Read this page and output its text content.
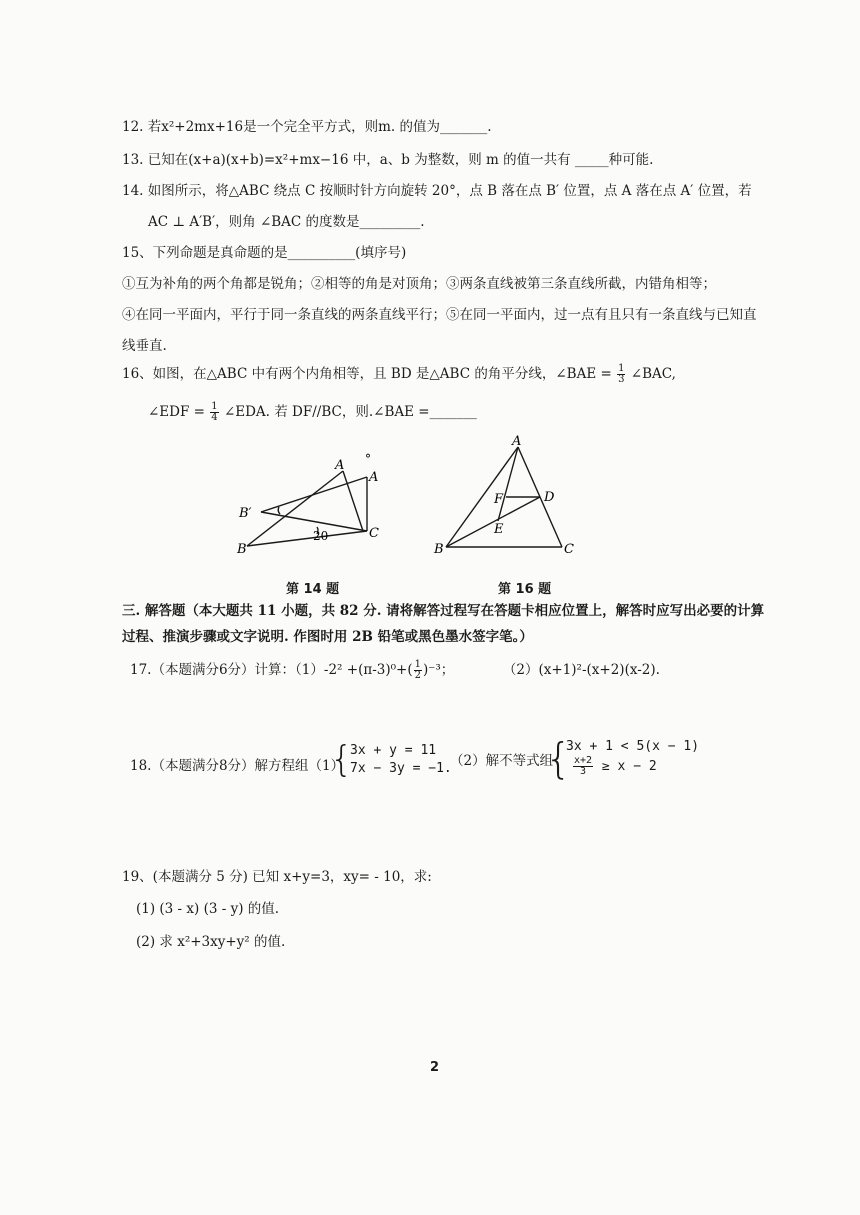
12. 若x²+2mx+16是一个完全平方式，则m. 的值为_______.
13. 已知在(x+a)(x+b)=x²+mx−16 中，a、b 为整数，则 m 的值一共有 _____种可能.
14. 如图所示，将△ABC 绕点 C 按顺时针方向旋转 20°，点 B 落在点 B′ 位置，点 A 落在点 A′ 位置，若
AC ⊥ A′B′，则角 ∠BAC 的度数是_________.
15、下列命题是真命题的是__________(填序号)
①互为补角的两个角都是锐角；②相等的角是对顶角；③两条直线被第三条直线所截，内错角相等；
④在同一平面内，平行于同一条直线的两条直线平行；⑤在同一平面内，过一点有且只有一条直线与已知直
线垂直.
16、如图，在△ABC 中有两个内角相等，且 BD 是△ABC 的角平分线，∠BAE = $\frac{1}{3}$ ∠BAC,
∠EDF = $\frac{1}{4}$ ∠EDA. 若 DF//BC，则.∠BAE =_______
A
A
B′
B
C
20
°
A
F	D
E
B	C
第 14 题	第 16 题
三. 解答题（本大题共 11 小题，共 82 分. 请将解答过程写在答题卡相应位置上，解答时应写出必要的计算
过程、推演步骤或文字说明. 作图时用 2B 铅笔或黑色墨水签字笔。）
17.（本题满分6分）计算：$(1)-2^2 +(\pi-3)^0+( \frac{1}{2} )^{-3}$；	（2）(x+1)²-(x+2)(x-2).
18.（本题满分8分）解方程组（1）
{
3x + y = 11
7x − 3y = −1.
（2）解不等式组
{
3x + 1 < 5(x − 1)
$\frac{x+2}{3} \ge x - 2$
19、(本题满分 5 分) 已知 x+y=3，xy= - 10，求:
(1) (3 - x) (3 - y) 的值.
(2) 求 x²+3xy+y² 的值.
2
